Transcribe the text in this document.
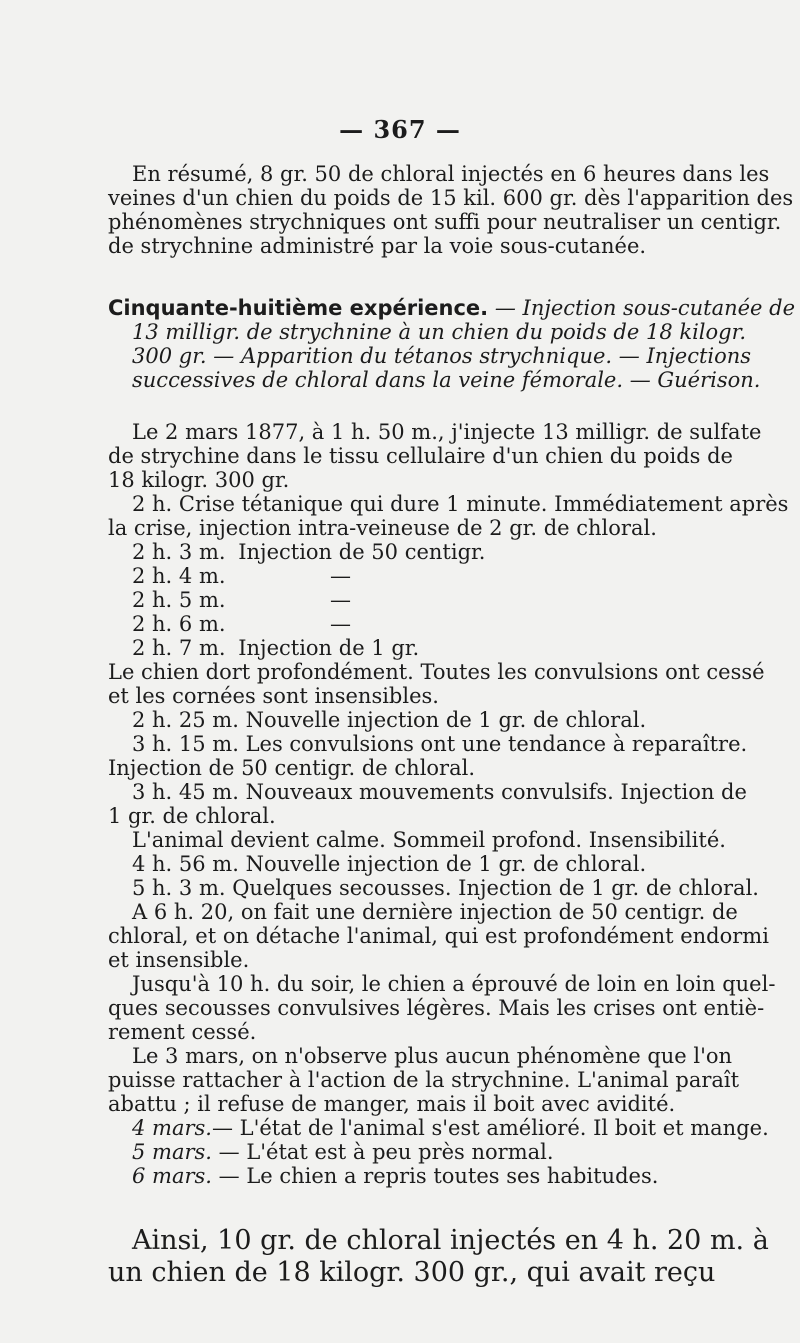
— 367 —
En résumé, 8 gr. 50 de chloral injectés en 6 heures dans les
veines d'un chien du poids de 15 kil. 600 gr. dès l'apparition des
phénomènes strychniques ont suffi pour neutraliser un centigr.
de strychnine administré par la voie sous-cutanée.
Cinquante-huitième expérience. — Injection sous-cutanée de
13 milligr. de strychnine à un chien du poids de 18 kilogr.
300 gr. — Apparition du tétanos strychnique. — Injections
successives de chloral dans la veine fémorale. — Guérison.
Le 2 mars 1877, à 1 h. 50 m., j'injecte 13 milligr. de sulfate
de strychine dans le tissu cellulaire d'un chien du poids de
18 kilogr. 300 gr.
2 h. Crise tétanique qui dure 1 minute. Immédiatement après
la crise, injection intra-veineuse de 2 gr. de chloral.
2 h. 3 m. Injection de 50 centigr.
2 h. 4 m.	—
2 h. 5 m.	—
2 h. 6 m.	—
2 h. 7 m. Injection de 1 gr.
Le chien dort profondément. Toutes les convulsions ont cessé
et les cornées sont insensibles.
2 h. 25 m. Nouvelle injection de 1 gr. de chloral.
3 h. 15 m. Les convulsions ont une tendance à reparaître.
Injection de 50 centigr. de chloral.
3 h. 45 m. Nouveaux mouvements convulsifs. Injection de
1 gr. de chloral.
L'animal devient calme. Sommeil profond. Insensibilité.
4 h. 56 m. Nouvelle injection de 1 gr. de chloral.
5 h. 3 m. Quelques secousses. Injection de 1 gr. de chloral.
A 6 h. 20, on fait une dernière injection de 50 centigr. de
chloral, et on détache l'animal, qui est profondément endormi
et insensible.
Jusqu'à 10 h. du soir, le chien a éprouvé de loin en loin quel-
ques secousses convulsives légères. Mais les crises ont entiè-
rement cessé.
Le 3 mars, on n'observe plus aucun phénomène que l'on
puisse rattacher à l'action de la strychnine. L'animal paraît
abattu ; il refuse de manger, mais il boit avec avidité.
4 mars.— L'état de l'animal s'est amélioré. Il boit et mange.
5 mars. — L'état est à peu près normal.
6 mars. — Le chien a repris toutes ses habitudes.
Ainsi, 10 gr. de chloral injectés en 4 h. 20 m. à
un chien de 18 kilogr. 300 gr., qui avait reçu
